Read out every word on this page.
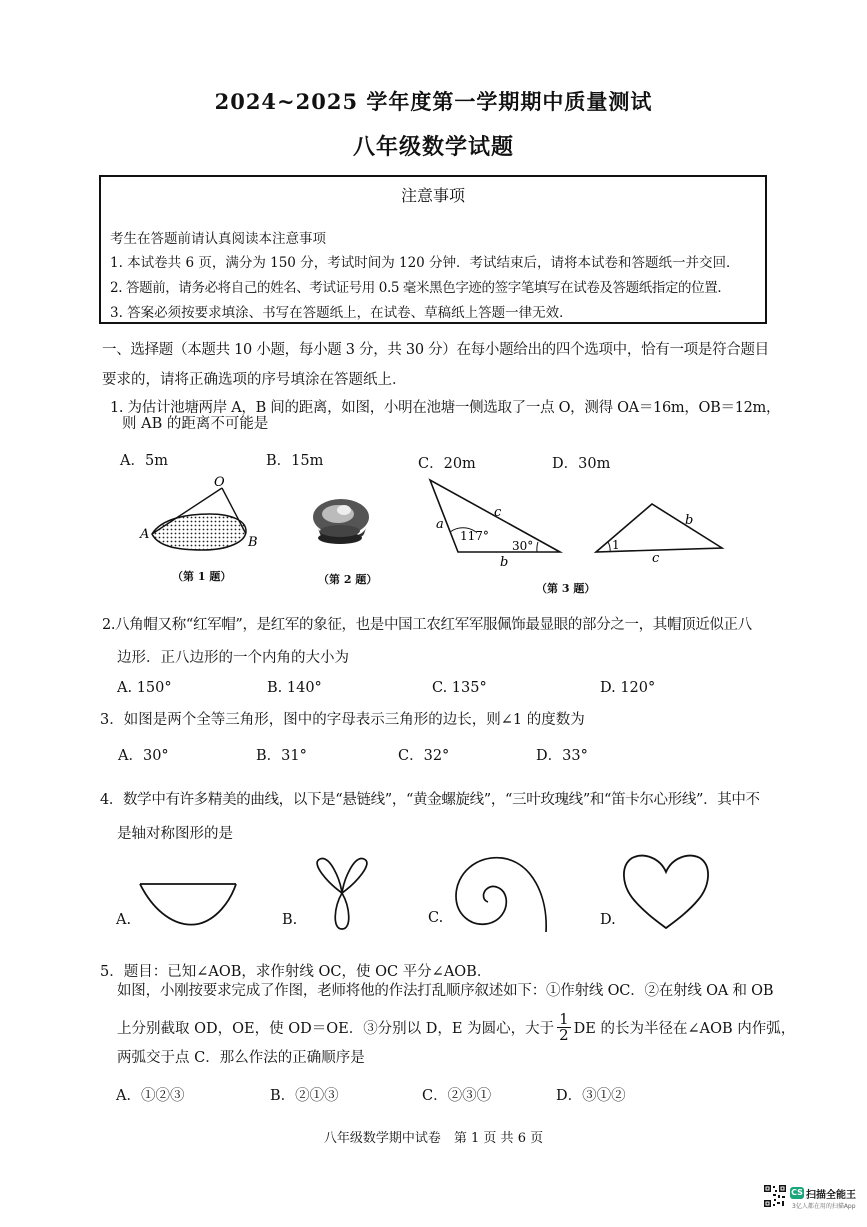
2024~2025 学年度第一学期期中质量测试
八年级数学试题
注意事项
考生在答题前请认真阅读本注意事项
1. 本试卷共 6 页，满分为 150 分，考试时间为 120 分钟．考试结束后，请将本试卷和答题纸一并交回．
2. 答题前，请务必将自己的姓名、考试证号用 0.5 毫米黑色字迹的签字笔填写在试卷及答题纸指定的位置．
3. 答案必须按要求填涂、书写在答题纸上，在试卷、草稿纸上答题一律无效．
一、选择题（本题共 10 小题，每小题 3 分，共 30 分）在每小题给出的四个选项中，恰有一项是符合题目
要求的，请将正确选项的序号填涂在答题纸上．
1. 为估计池塘两岸 A，B 间的距离，如图，小明在池塘一侧选取了一点 O，测得 OA＝16m，OB＝12m，
则 AB 的距离不可能是
A．5m	B．15m	C．20m	D．30m
O
A
B
（第 1 题）	（第 2 题）
a
c
117°
30°
b
1
b
c
（第 3 题）
2.八角帽又称“红军帽”，是红军的象征，也是中国工农红军军服佩饰最显眼的部分之一，其帽顶近似正八
边形．正八边形的一个内角的大小为
A. 150°	B. 140°	C. 135°	D. 120°
3．如图是两个全等三角形，图中的字母表示三角形的边长，则∠1 的度数为
A．30°	B．31°	C．32°	D．33°
4．数学中有许多精美的曲线，以下是“悬链线”，“黄金螺旋线”，“三叶玫瑰线”和“笛卡尔心形线”．其中不
是轴对称图形的是
A.	B.	C.	D.
5．题目：已知∠AOB，求作射线 OC，使 OC 平分∠AOB．
如图，小刚按要求完成了作图，老师将他的作法打乱顺序叙述如下：①作射线 OC．②在射线 OA 和 OB
上分别截取 OD，OE，使 OD＝OE．③分别以 D，E 为圆心，大于 $\frac{1}{2}$ DE 的长为半径在∠AOB 内作弧，
两弧交于点 C．那么作法的正确顺序是
A．①②③	B．②①③	C．②③①	D．③①②
八年级数学期中试卷　第 1 页 共 6 页
CS 扫描全能王
3亿人都在用的扫描App
